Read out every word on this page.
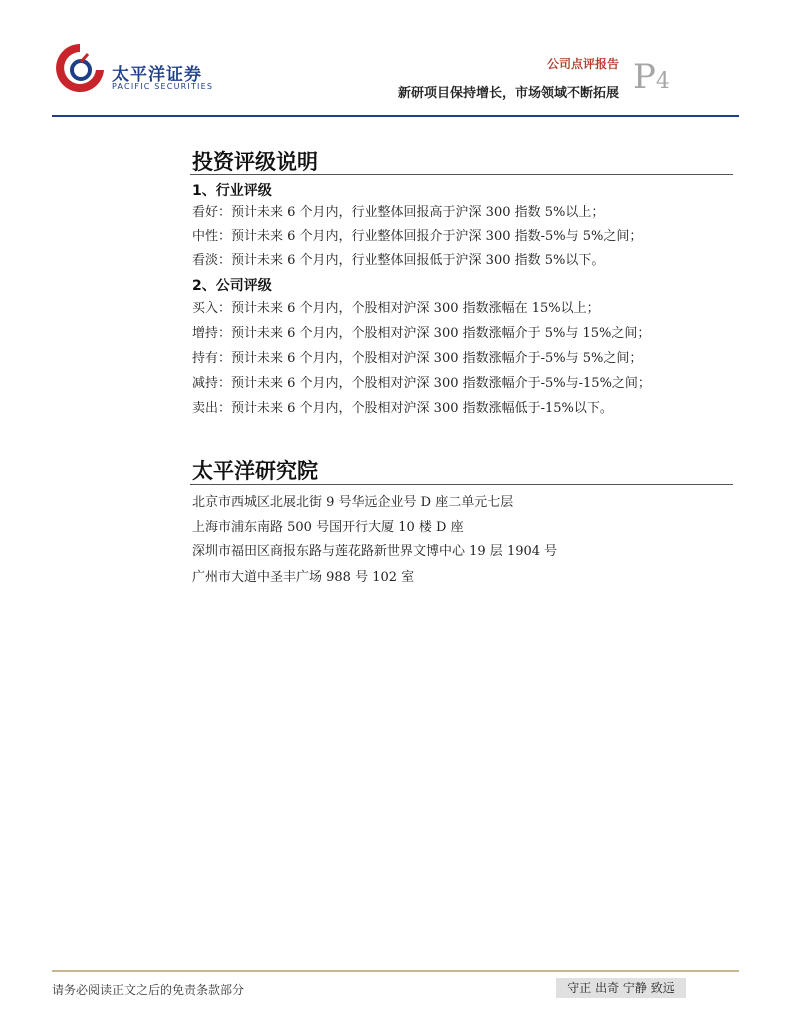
太平洋证券
PACIFIC SECURITIES
公司点评报告
新研项目保持增长，市场领域不断拓展 P4
投资评级说明
1、行业评级
看好：预计未来 6 个月内，行业整体回报高于沪深 300 指数 5%以上；
中性：预计未来 6 个月内，行业整体回报介于沪深 300 指数-5%与 5%之间；
看淡：预计未来 6 个月内，行业整体回报低于沪深 300 指数 5%以下。
2、公司评级
买入：预计未来 6 个月内，个股相对沪深 300 指数涨幅在 15%以上；
增持：预计未来 6 个月内，个股相对沪深 300 指数涨幅介于 5%与 15%之间；
持有：预计未来 6 个月内，个股相对沪深 300 指数涨幅介于-5%与 5%之间；
减持：预计未来 6 个月内，个股相对沪深 300 指数涨幅介于-5%与-15%之间；
卖出：预计未来 6 个月内，个股相对沪深 300 指数涨幅低于-15%以下。
太平洋研究院
北京市西城区北展北街 9 号华远企业号 D 座二单元七层
上海市浦东南路 500 号国开行大厦 10 楼 D 座
深圳市福田区商报东路与莲花路新世界文博中心 19 层 1904 号
广州市大道中圣丰广场 988 号 102 室
请务必阅读正文之后的免责条款部分	守正 出奇 宁静 致远
